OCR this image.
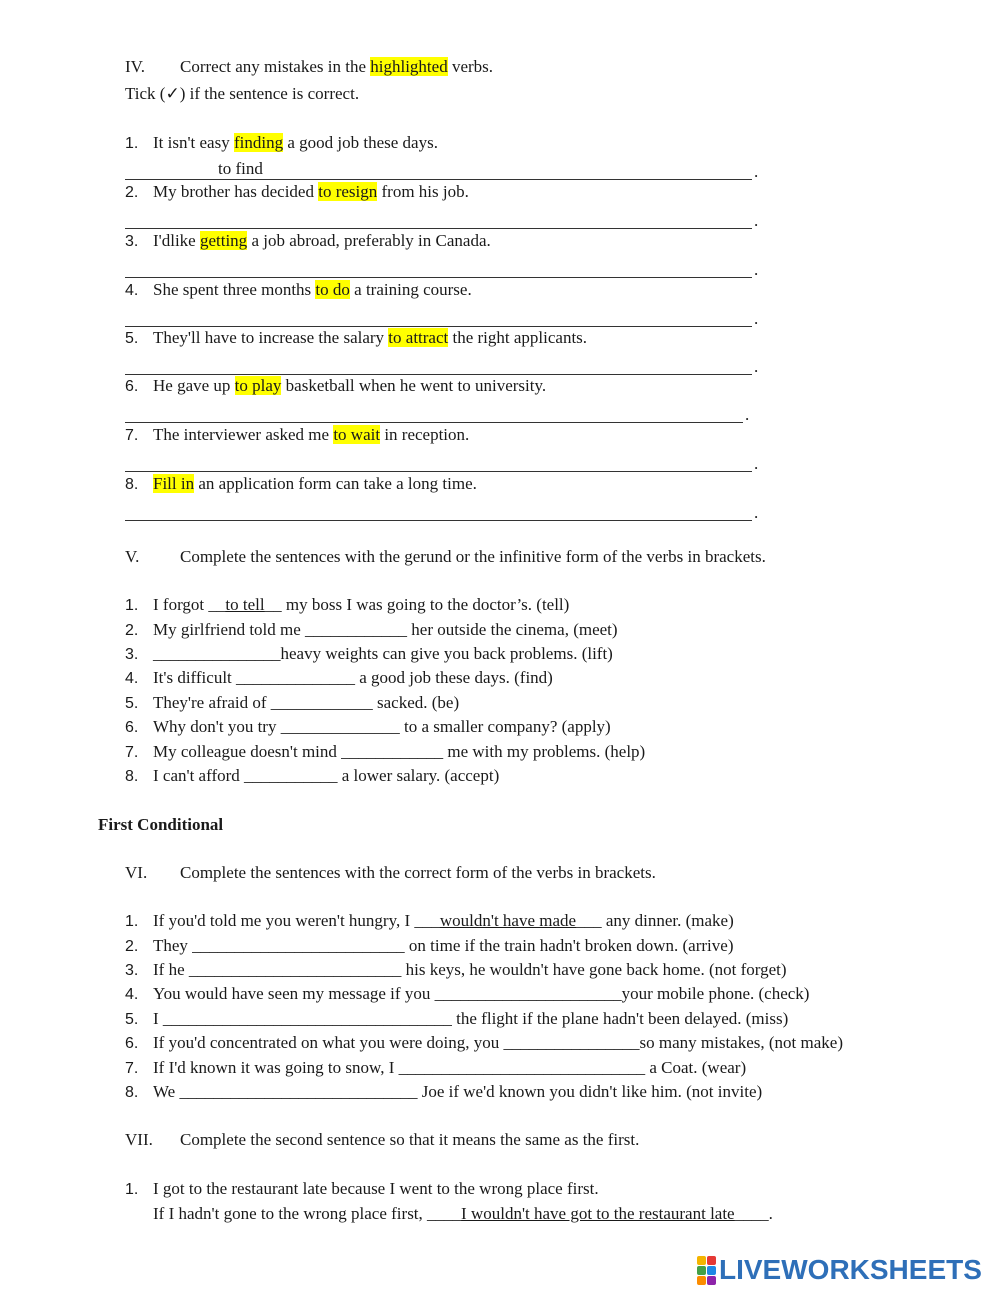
IV. Correct any mistakes in the highlighted verbs.
Tick (✓) if the sentence is correct.
1. It isn't easy finding a good job these days.
.
to find
2. My brother has decided to resign from his job.
.
3. I'dlike getting a job abroad, preferably in Canada.
.
4. She spent three months to do a training course.
.
5. They'll have to increase the salary to attract the right applicants.
.
6. He gave up to play basketball when he went to university.
.
7. The interviewer asked me to wait in reception.
.
8. Fill in an application form can take a long time.
.
V. Complete the sentences with the gerund or the infinitive form of the verbs in brackets.
1. I forgot __to tell__ my boss I was going to the doctor’s. (tell)
2. My girlfriend told me ____________ her outside the cinema, (meet)
3. _______________heavy weights can give you back problems. (lift)
4. It's difficult ______________ a good job these days. (find)
5. They're afraid of ____________ sacked. (be)
6. Why don't you try ______________ to a smaller company? (apply)
7. My colleague doesn't mind ____________ me with my problems. (help)
8. I can't afford ___________ a lower salary. (accept)
First Conditional
VI. Complete the sentences with the correct form of the verbs in brackets.
1. If you'd told me you weren't hungry, I ___wouldn't have made___ any dinner. (make)
2. They _________________________ on time if the train hadn't broken down. (arrive)
3. If he _________________________ his keys, he wouldn't have gone back home. (not forget)
4. You would have seen my message if you ______________________your mobile phone. (check)
5. I __________________________________ the flight if the plane hadn't been delayed. (miss)
6. If you'd concentrated on what you were doing, you ________________so many mistakes, (not make)
7. If I'd known it was going to snow, I _____________________________ a Coat. (wear)
8. We ____________________________ Joe if we'd known you didn't like him. (not invite)
VII. Complete the second sentence so that it means the same as the first.
1. I got to the restaurant late because I went to the wrong place first.
If I hadn't gone to the wrong place first, ____I wouldn't have got to the restaurant late____.
LIVEWORKSHEETS
